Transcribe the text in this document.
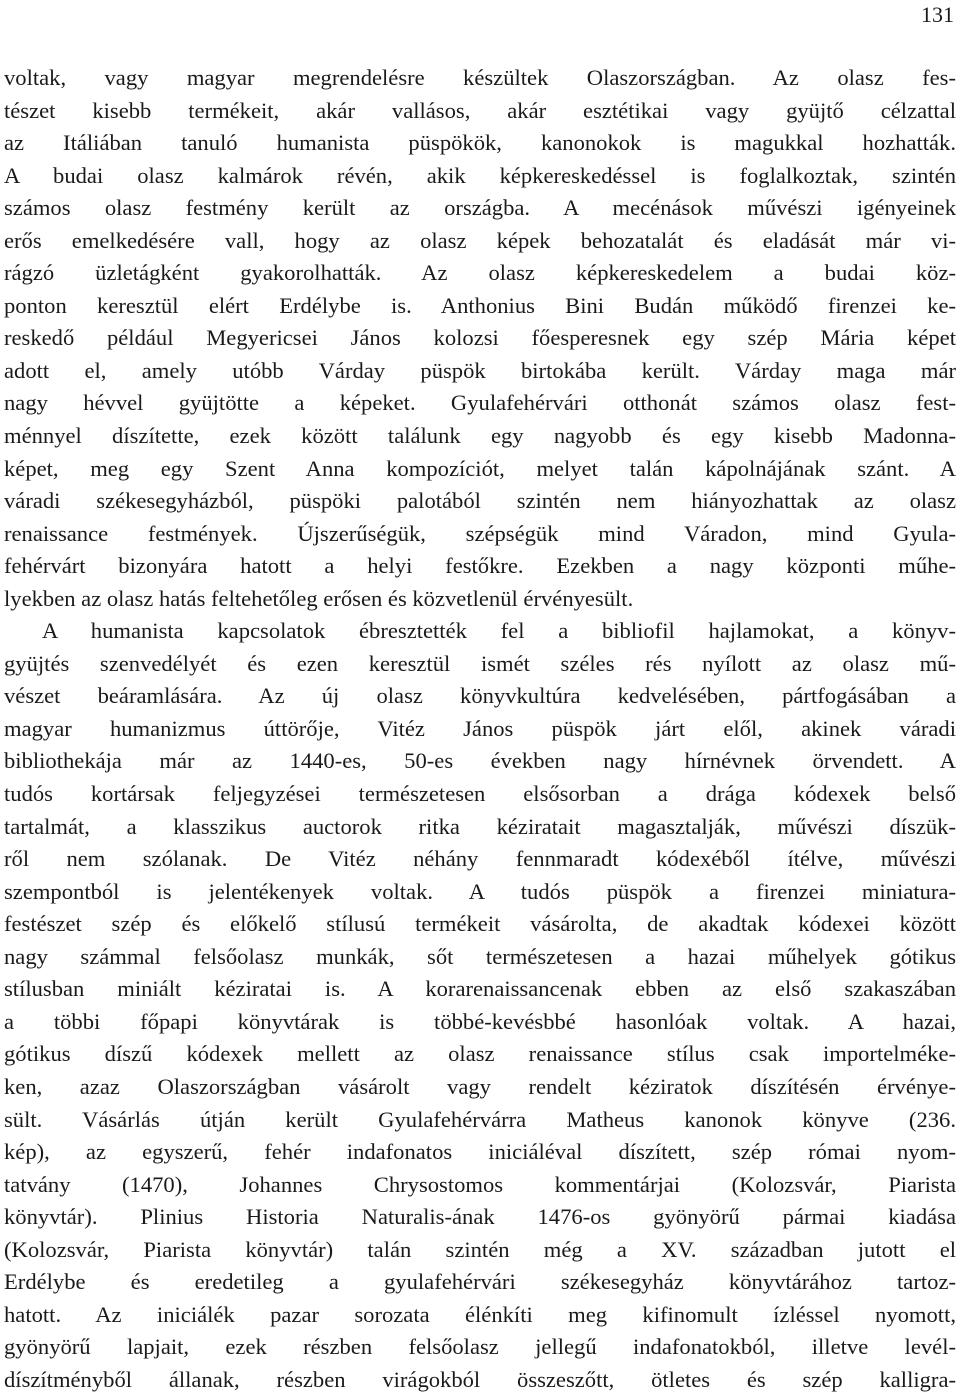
131
voltak, vagy magyar megrendelésre készültek Olaszországban. Az olasz fes-
tészet kisebb termékeit, akár vallásos, akár esztétikai vagy gyüjtő célzattal
az Itáliában tanuló humanista püspökök, kanonokok is magukkal hozhatták.
A budai olasz kalmárok révén, akik képkereskedéssel is foglalkoztak, szintén
számos olasz festmény került az országba. A mecénások művészi igényeinek
erős emelkedésére vall, hogy az olasz képek behozatalát és eladását már vi-
rágzó üzletágként gyakorolhatták. Az olasz képkereskedelem a budai köz-
ponton keresztül elért Erdélybe is. Anthonius Bini Budán működő firenzei ke-
reskedő például Megyericsei János kolozsi főesperesnek egy szép Mária képet
adott el, amely utóbb Várday püspök birtokába került. Várday maga már
nagy hévvel gyüjtötte a képeket. Gyulafehérvári otthonát számos olasz fest-
ménnyel díszítette, ezek között találunk egy nagyobb és egy kisebb Madonna-
képet, meg egy Szent Anna kompozíciót, melyet talán kápolnájának szánt. A
váradi székesegyházból, püspöki palotából szintén nem hiányozhattak az olasz
renaissance festmények. Újszerűségük, szépségük mind Váradon, mind Gyula-
fehérvárt bizonyára hatott a helyi festőkre. Ezekben a nagy központi műhe-
lyekben az olasz hatás feltehetőleg erősen és közvetlenül érvényesült.
A humanista kapcsolatok ébresztették fel a bibliofil hajlamokat, a könyv-
gyüjtés szenvedélyét és ezen keresztül ismét széles rés nyílott az olasz mű-
vészet beáramlására. Az új olasz könyvkultúra kedvelésében, pártfogásában a
magyar humanizmus úttörője, Vitéz János püspök járt elől, akinek váradi
bibliothekája már az 1440-es, 50-es években nagy hírnévnek örvendett. A
tudós kortársak feljegyzései természetesen elsősorban a drága kódexek belső
tartalmát, a klasszikus auctorok ritka kéziratait magasztalják, művészi díszük-
ről nem szólanak. De Vitéz néhány fennmaradt kódexéből ítélve, művészi
szempontból is jelentékenyek voltak. A tudós püspök a firenzei miniatura-
festészet szép és előkelő stílusú termékeit vásárolta, de akadtak kódexei között
nagy számmal felsőolasz munkák, sőt természetesen a hazai műhelyek gótikus
stílusban miniált kéziratai is. A korarenaissancenak ebben az első szakaszában
a többi főpapi könyvtárak is többé-kevésbbé hasonlóak voltak. A hazai,
gótikus díszű kódexek mellett az olasz renaissance stílus csak importelméke-
ken, azaz Olaszországban vásárolt vagy rendelt kéziratok díszítésén érvénye-
sült. Vásárlás útján került Gyulafehérvárra Matheus kanonok könyve (236.
kép), az egyszerű, fehér indafonatos iniciáléval díszített, szép római nyom-
tatvány (1470), Johannes Chrysostomos kommentárjai (Kolozsvár, Piarista
könyvtár). Plinius Historia Naturalis-ának 1476-os gyönyörű pármai kiadása
(Kolozsvár, Piarista könyvtár) talán szintén még a XV. században jutott el
Erdélybe és eredetileg a gyulafehérvári székesegyház könyvtárához tartoz-
hatott. Az iniciálék pazar sorozata élénkíti meg kifinomult ízléssel nyomott,
gyönyörű lapjait, ezek részben felsőolasz jellegű indafonatokból, illetve levél-
díszítményből állanak, részben virágokból összeszőtt, ötletes és szép kalligra-
